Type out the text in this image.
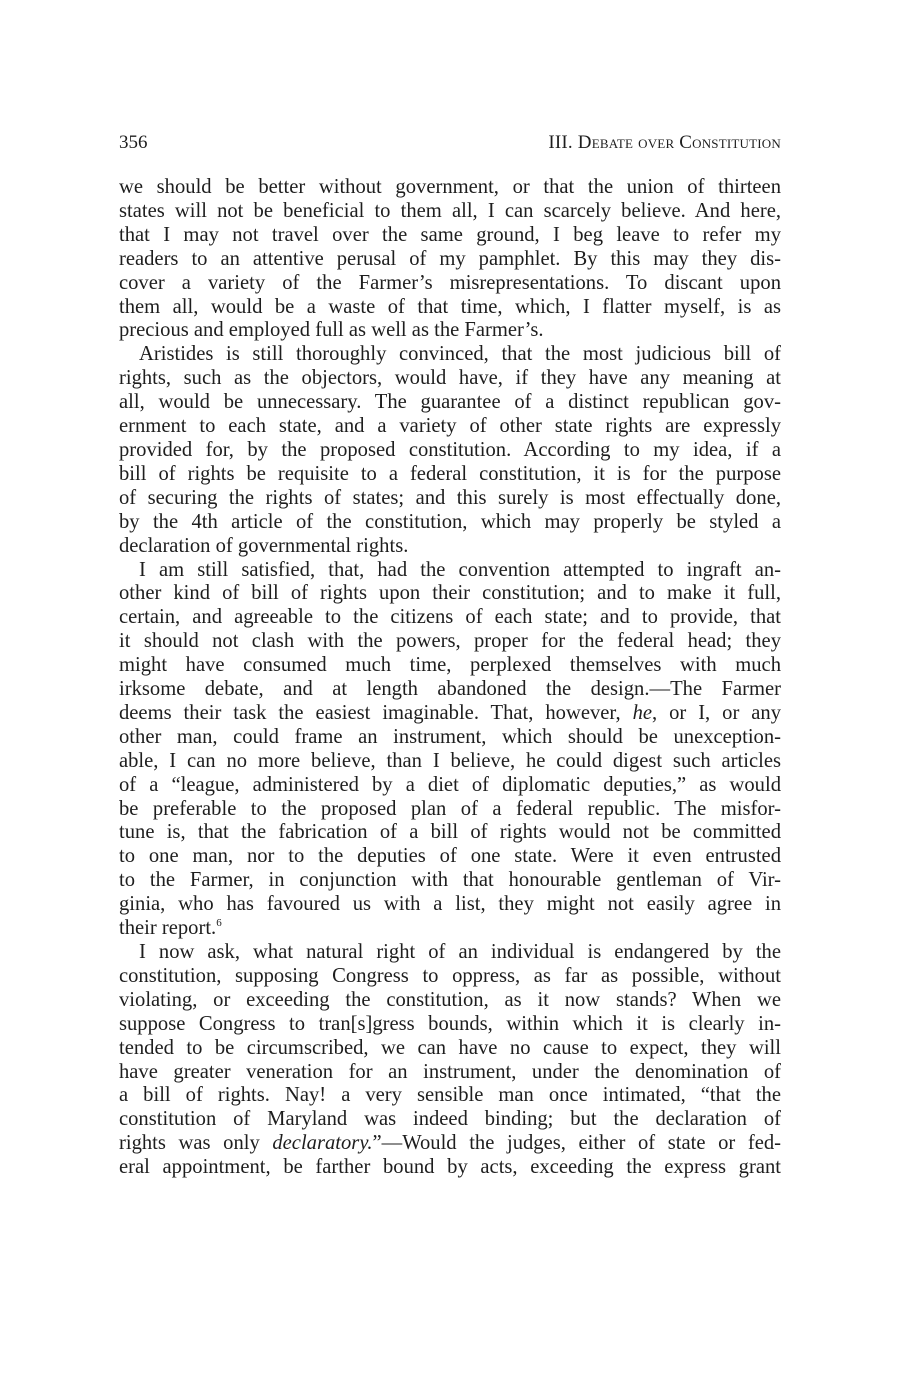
356	III. Debate over Constitution

we should be better without government, or that the union of thirteen

states will not be beneficial to them all, I can scarcely believe. And here,

that I may not travel over the same ground, I beg leave to refer my

readers to an attentive perusal of my pamphlet. By this may they dis-

cover a variety of the Farmer’s misrepresentations. To discant upon

them all, would be a waste of that time, which, I flatter myself, is as

precious and employed full as well as the Farmer’s.

Aristides is still thoroughly convinced, that the most judicious bill of

rights, such as the objectors, would have, if they have any meaning at

all, would be unnecessary. The guarantee of a distinct republican gov-

ernment to each state, and a variety of other state rights are expressly

provided for, by the proposed constitution. According to my idea, if a

bill of rights be requisite to a federal constitution, it is for the purpose

of securing the rights of states; and this surely is most effectually done,

by the 4th article of the constitution, which may properly be styled a

declaration of governmental rights.

I am still satisfied, that, had the convention attempted to ingraft an-

other kind of bill of rights upon their constitution; and to make it full,

certain, and agreeable to the citizens of each state; and to provide, that

it should not clash with the powers, proper for the federal head; they

might have consumed much time, perplexed themselves with much

irksome debate, and at length abandoned the design.—The Farmer

deems their task the easiest imaginable. That, however, he, or I, or any

other man, could frame an instrument, which should be unexception-

able, I can no more believe, than I believe, he could digest such articles

of a “league, administered by a diet of diplomatic deputies,” as would

be preferable to the proposed plan of a federal republic. The misfor-

tune is, that the fabrication of a bill of rights would not be committed

to one man, nor to the deputies of one state. Were it even entrusted

to the Farmer, in conjunction with that honourable gentleman of Vir-

ginia, who has favoured us with a list, they might not easily agree in

their report.$^6$

I now ask, what natural right of an individual is endangered by the

constitution, supposing Congress to oppress, as far as possible, without

violating, or exceeding the constitution, as it now stands? When we

suppose Congress to tran[s]gress bounds, within which it is clearly in-

tended to be circumscribed, we can have no cause to expect, they will

have greater veneration for an instrument, under the denomination of

a bill of rights. Nay! a very sensible man once intimated, “that the

constitution of Maryland was indeed binding; but the declaration of

rights was only declaratory.”—Would the judges, either of state or fed-

eral appointment, be farther bound by acts, exceeding the express grant
